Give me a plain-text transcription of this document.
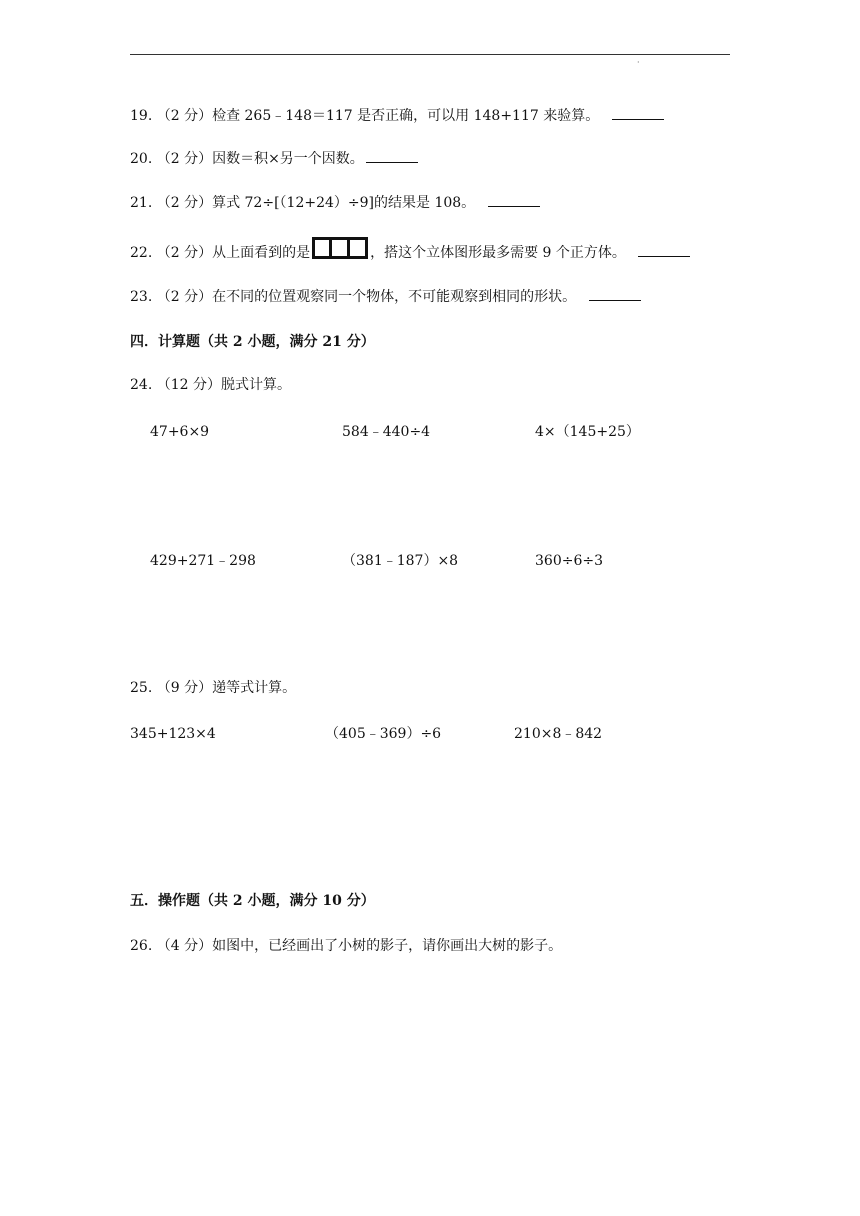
·
19. （2 分）检查 265﹣148＝117 是否正确，可以用 148+117 来验算。
20. （2 分）因数＝积×另一个因数。
21. （2 分）算式 72÷[（12+24）÷9]的结果是 108。
22. （2 分）从上面看到的是	，搭这个立体图形最多需要 9 个正方体。
23. （2 分）在不同的位置观察同一个物体，不可能观察到相同的形状。
四．计算题（共 2 小题，满分 21 分）
24. （12 分）脱式计算。
47+6×9	584﹣440÷4	4×（145+25）
429+271﹣298	（381﹣187）×8	360÷6÷3
25. （9 分）递等式计算。
345+123×4	（405﹣369）÷6	210×8﹣842
五．操作题（共 2 小题，满分 10 分）
26. （4 分）如图中，已经画出了小树的影子，请你画出大树的影子。
